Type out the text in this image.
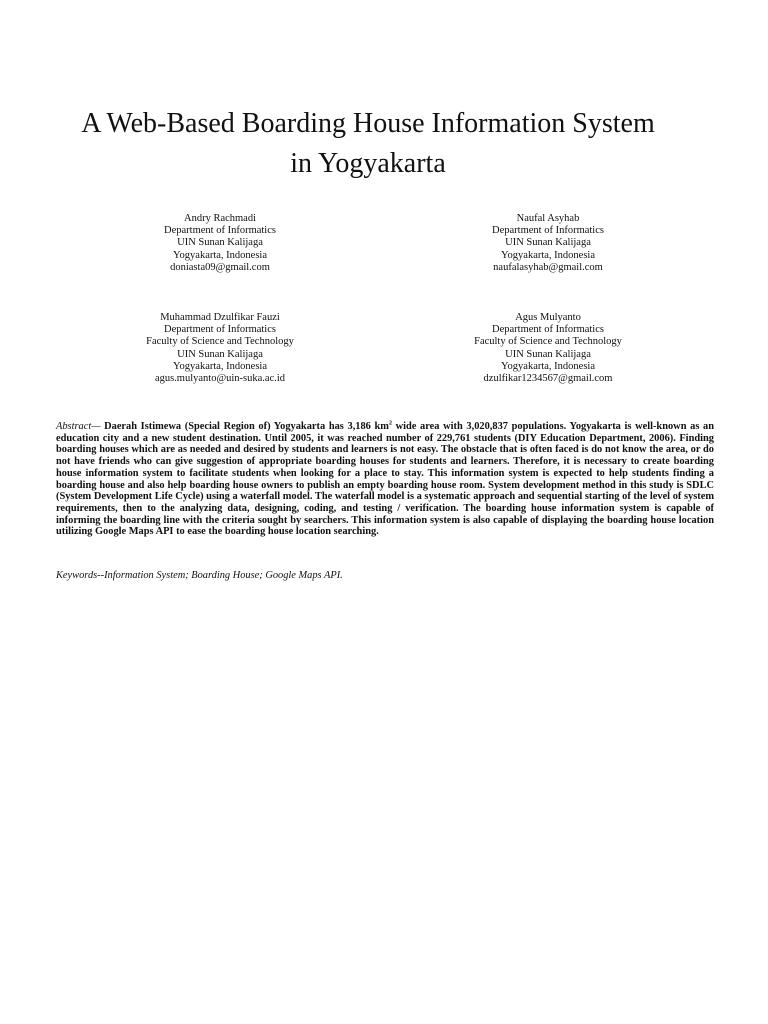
A Web-Based Boarding House Information System
in Yogyakarta
Andry Rachmadi
Department of Informatics
UIN Sunan Kalijaga
Yogyakarta, Indonesia
doniasta09@gmail.com
Naufal Asyhab
Department of Informatics
UIN Sunan Kalijaga
Yogyakarta, Indonesia
naufalasyhab@gmail.com
Muhammad Dzulfikar Fauzi
Department of Informatics
Faculty of Science and Technology
UIN Sunan Kalijaga
Yogyakarta, Indonesia
agus.mulyanto@uin-suka.ac.id
Agus Mulyanto
Department of Informatics
Faculty of Science and Technology
UIN Sunan Kalijaga
Yogyakarta, Indonesia
dzulfikar1234567@gmail.com

Abstract— Daerah Istimewa (Special Region of) Yogyakarta has 3,186 $km^2$ wide area with 3,020,837 populations. Yogyakarta is well-known as an education city and a new student destination. Until 2005, it was reached number of 229,761 students (DIY Education Department, 2006). Finding boarding houses which are as needed and desired by students and learners is not easy. The obstacle that is often faced is do not know the area, or do not have friends who can give suggestion of appropriate boarding houses for students and learners. Therefore, it is necessary to create boarding house information system to facilitate students when looking for a place to stay. This information system is expected to help students finding a boarding house and also help boarding house owners to publish an empty boarding house room. System development method in this study is SDLC (System Development Life Cycle) using a waterfall model. The waterfall model is a systematic approach and sequential starting of the level of system requirements, then to the analyzing data, designing, coding, and testing / verification. The boarding house information system is capable of informing the boarding line with the criteria sought by searchers. This information system is also capable of displaying the boarding house location utilizing Google Maps API to ease the boarding house location searching.

Keywords--Information System; Boarding House; Google Maps API.
